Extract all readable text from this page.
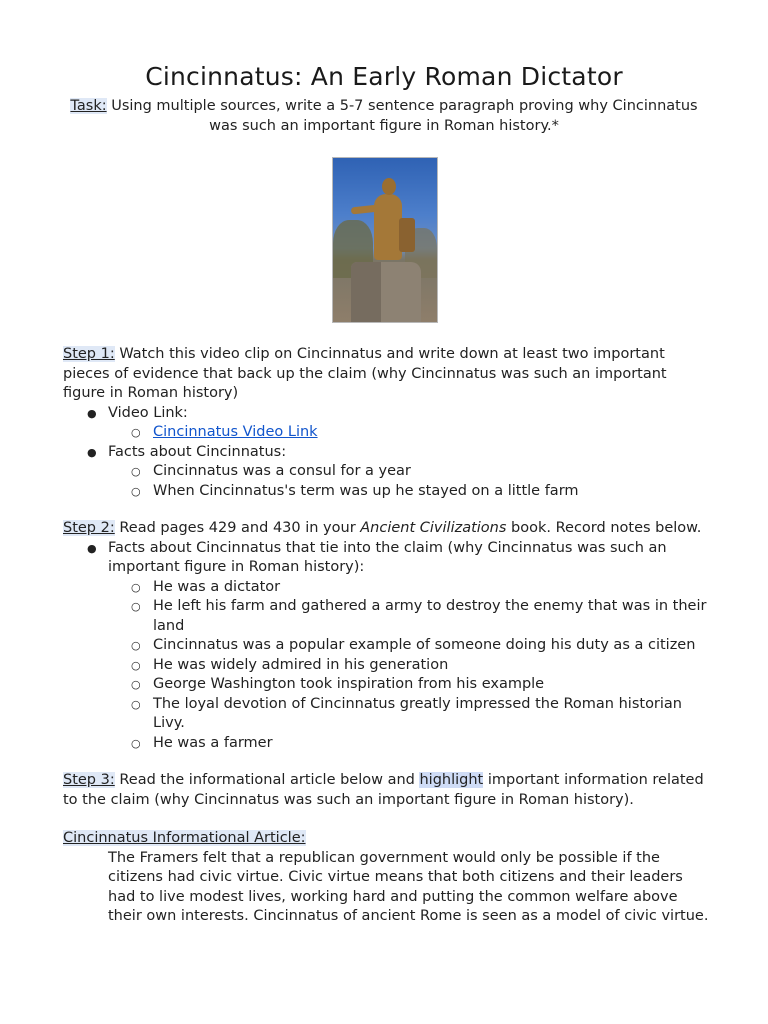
Cincinnatus: An Early Roman Dictator
Task: Using multiple sources, write a 5-7 sentence paragraph proving why Cincinnatus was such an important figure in Roman history.*

Step 1: Watch this video clip on Cincinnatus and write down at least two important pieces of evidence that back up the claim (why Cincinnatus was such an important figure in Roman history)

● Video Link:
○ Cincinnatus Video Link
● Facts about Cincinnatus:
○ Cincinnatus was a consul for a year
○ When Cincinnatus's term was up he stayed on a little farm

Step 2: Read pages 429 and 430 in your Ancient Civilizations book. Record notes below.

● Facts about Cincinnatus that tie into the claim (why Cincinnatus was such an important figure in Roman history):
○ He was a dictator
○ He left his farm and gathered a army to destroy the enemy that was in their land
○ Cincinnatus was a popular example of someone doing his duty as a citizen
○ He was widely admired in his generation
○ George Washington took inspiration from his example
○ The loyal devotion of Cincinnatus greatly impressed the Roman historian Livy.
○ He was a farmer

Step 3: Read the informational article below and highlight important information related to the claim (why Cincinnatus was such an important figure in Roman history).

Cincinnatus Informational Article:

The Framers felt that a republican government would only be possible if the citizens had civic virtue. Civic virtue means that both citizens and their leaders had to live modest lives, working hard and putting the common welfare above their own interests. Cincinnatus of ancient Rome is seen as a model of civic virtue.
